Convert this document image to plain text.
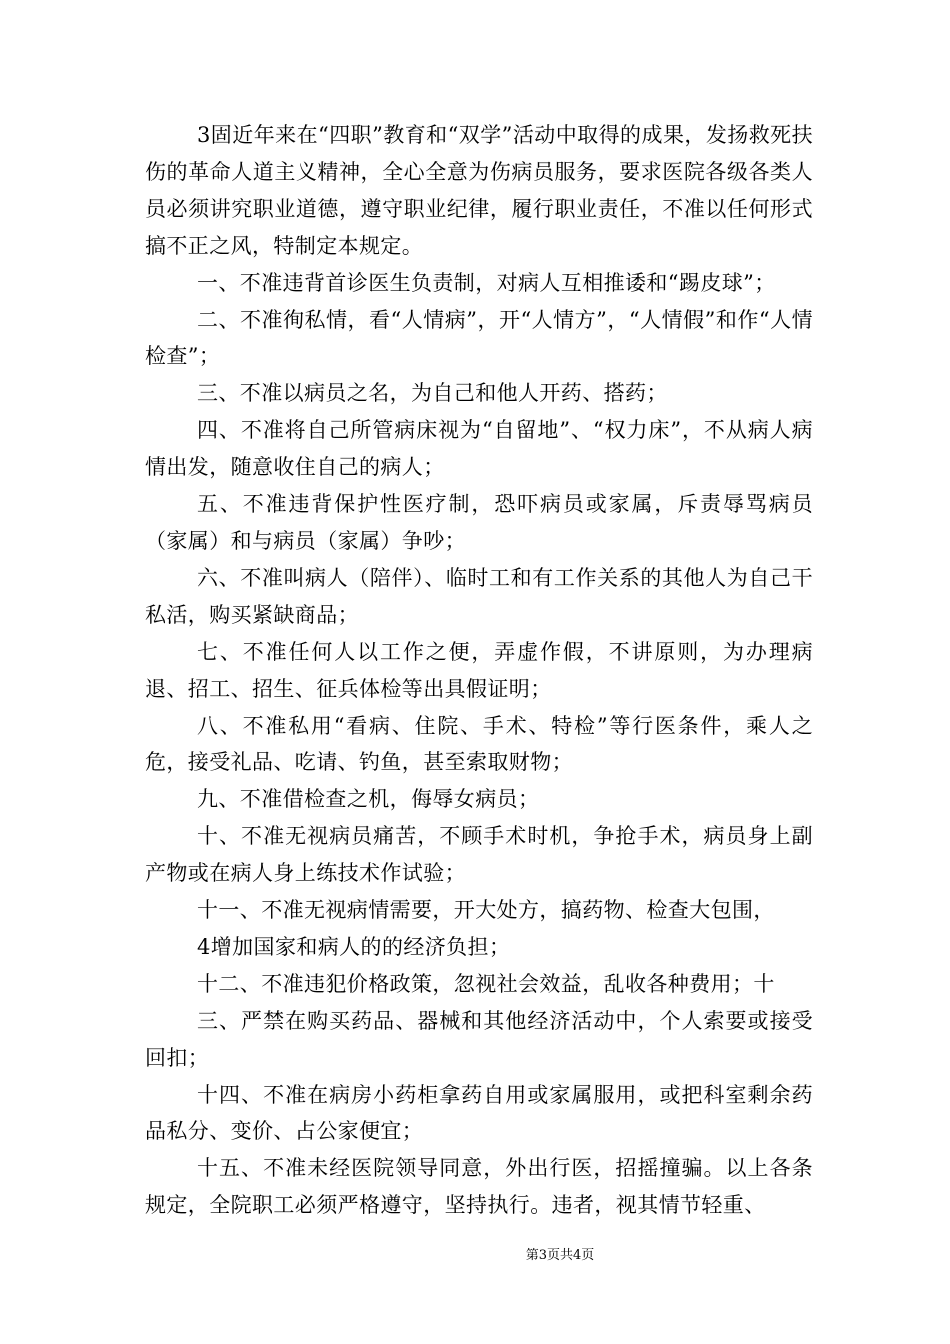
3固近年来在“四职”教育和“双学”活动中取得的成果，发扬救死扶伤的革命人道主义精神，全心全意为伤病员服务，要求医院各级各类人员必须讲究职业道德，遵守职业纪律，履行职业责任，不准以任何形式搞不正之风，特制定本规定。

一、不准违背首诊医生负责制，对病人互相推诿和“踢皮球”；

二、不准徇私情，看“人情病”，开“人情方”，“人情假”和作“人情检查”；

三、不准以病员之名，为自己和他人开药、搭药；

四、不准将自己所管病床视为“自留地”、“权力床”，不从病人病情出发，随意收住自己的病人；

五、不准违背保护性医疗制，恐吓病员或家属，斥责辱骂病员（家属）和与病员（家属）争吵；

六、不准叫病人（陪伴）、临时工和有工作关系的其他人为自己干私活，购买紧缺商品；

七、不准任何人以工作之便，弄虚作假，不讲原则，为办理病退、招工、招生、征兵体检等出具假证明；

八、不准私用“看病、住院、手术、特检”等行医条件，乘人之危，接受礼品、吃请、钓鱼，甚至索取财物；

九、不准借检查之机，侮辱女病员；

十、不准无视病员痛苦，不顾手术时机，争抢手术，病员身上副产物或在病人身上练技术作试验；

十一、不准无视病情需要，开大处方，搞药物、检查大包围，

4增加国家和病人的的经济负担；

十二、不准违犯价格政策，忽视社会效益，乱收各种费用；十

三、严禁在购买药品、器械和其他经济活动中，个人索要或接受回扣；

十四、不准在病房小药柜拿药自用或家属服用，或把科室剩余药品私分、变价、占公家便宜；

十五、不准未经医院领导同意，外出行医，招摇撞骗。以上各条规定，全院职工必须严格遵守，坚持执行。违者，视其情节轻重、

第3页共4页
